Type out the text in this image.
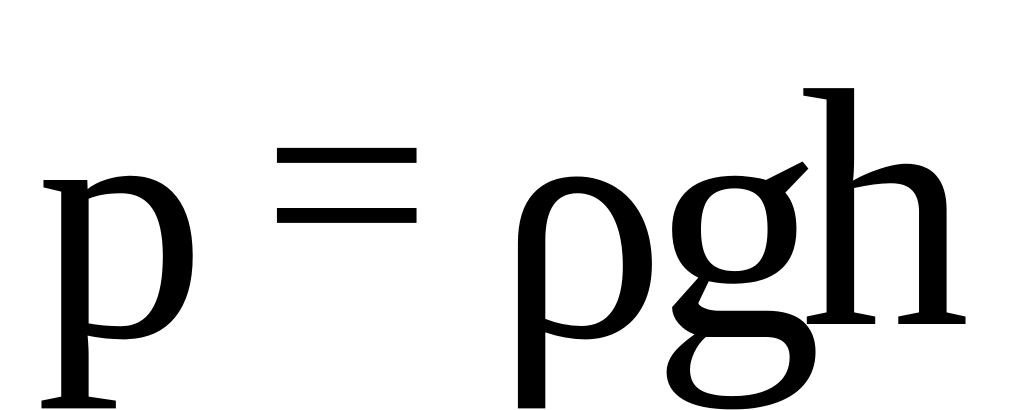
p = ρ
g
h
